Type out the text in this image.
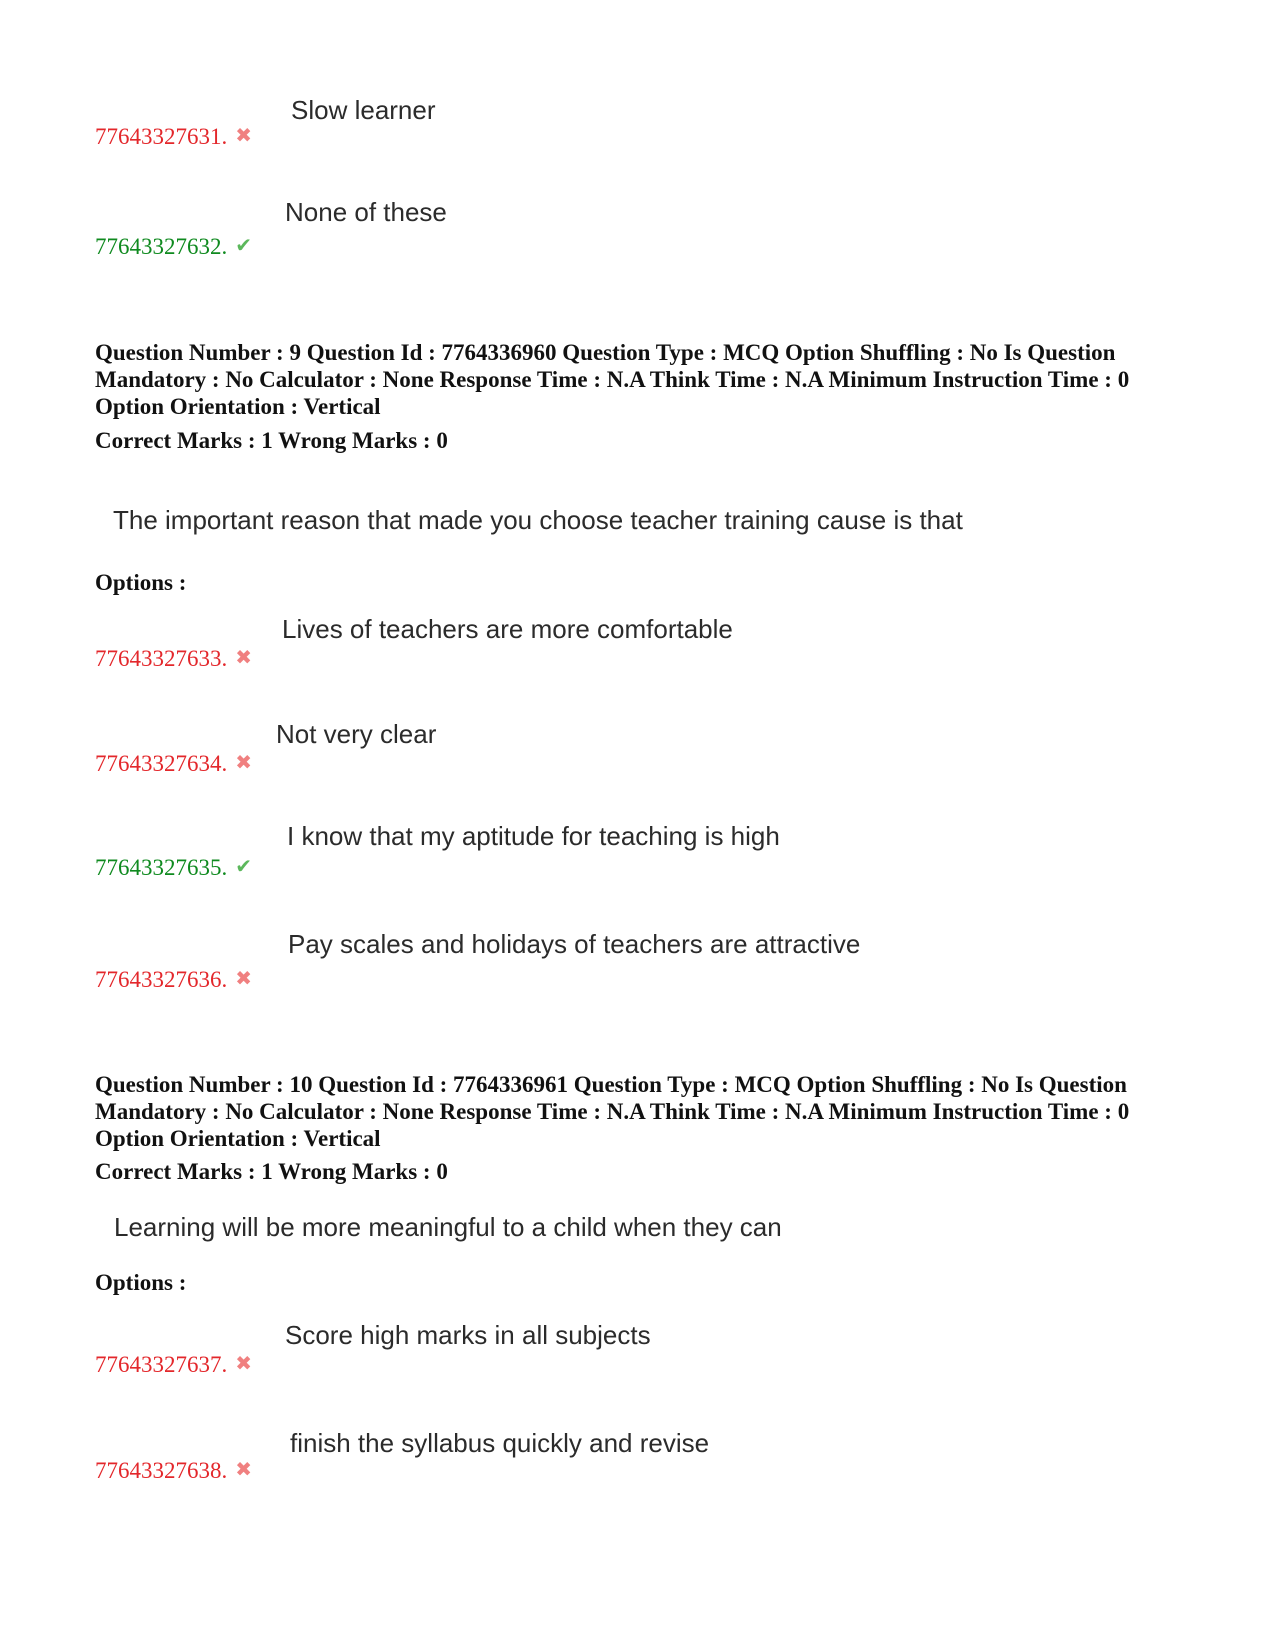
Slow learner
77643327631. ✖
None of these
77643327632. ✔
Question Number : 9 Question Id : 7764336960 Question Type : MCQ Option Shuffling : No Is Question Mandatory : No Calculator : None Response Time : N.A Think Time : N.A Minimum Instruction Time : 0 Option Orientation : Vertical
Correct Marks : 1 Wrong Marks : 0
The important reason that made you choose teacher training cause is that
Options :
Lives of teachers are more comfortable
77643327633. ✖
Not very clear
77643327634. ✖
I know that my aptitude for teaching is high
77643327635. ✔
Pay scales and holidays of teachers are attractive
77643327636. ✖
Question Number : 10 Question Id : 7764336961 Question Type : MCQ Option Shuffling : No Is Question Mandatory : No Calculator : None Response Time : N.A Think Time : N.A Minimum Instruction Time : 0 Option Orientation : Vertical
Correct Marks : 1 Wrong Marks : 0
Learning will be more meaningful to a child when they can
Options :
Score high marks in all subjects
77643327637. ✖
finish the syllabus quickly and revise
77643327638. ✖
